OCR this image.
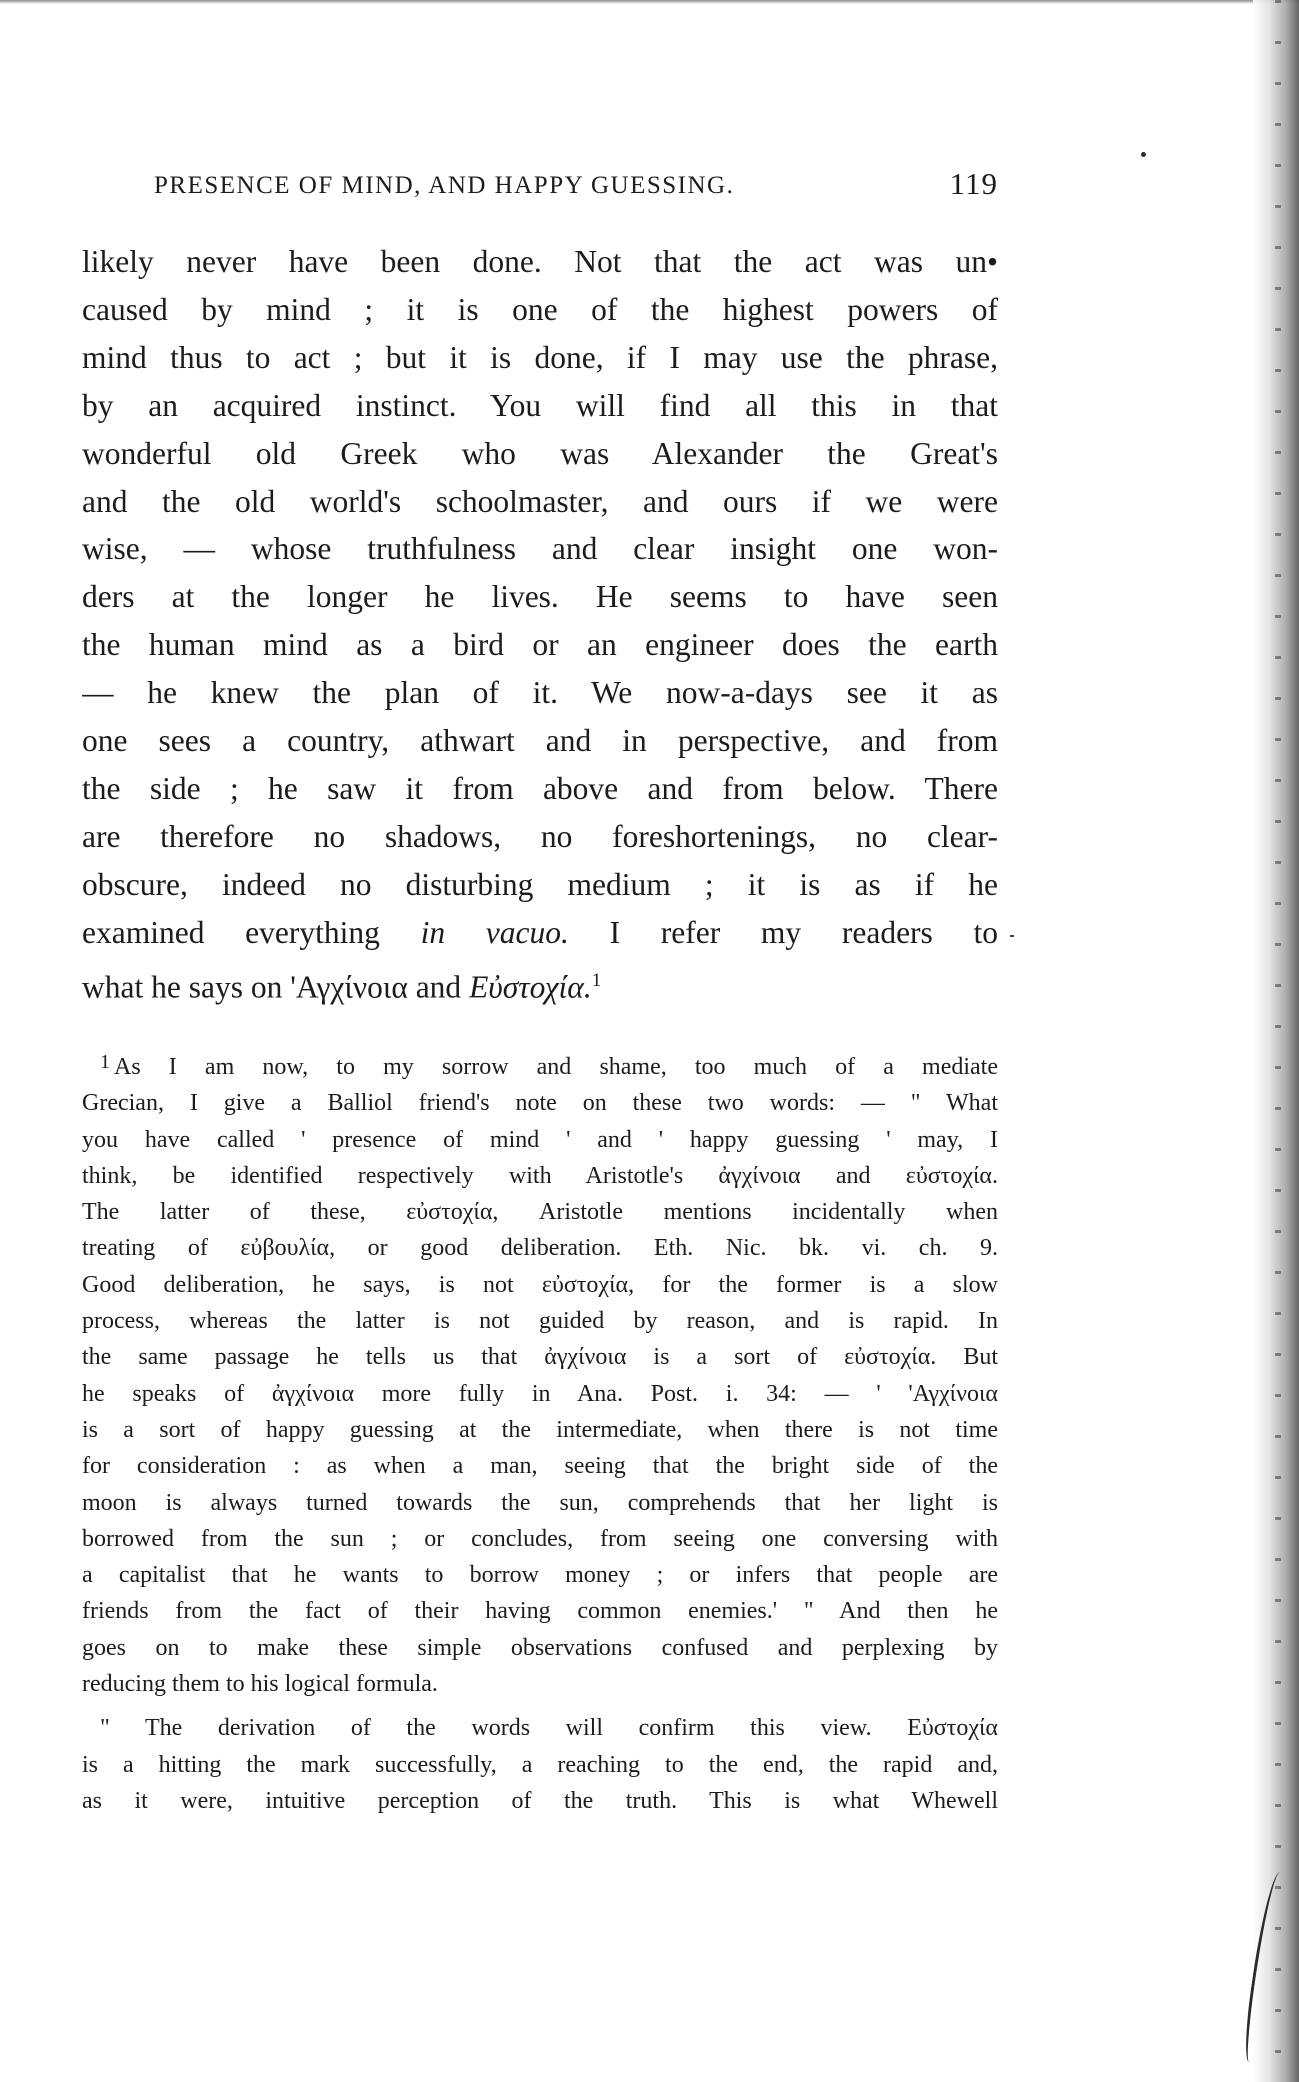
PRESENCE OF MIND, AND HAPPY GUESSING.	119
likely never have been done. Not that the act was un•
caused by mind ; it is one of the highest powers of
mind thus to act ; but it is done, if I may use the phrase,
by an acquired instinct. You will find all this in that
wonderful old Greek who was Alexander the Great's
and the old world's schoolmaster, and ours if we were
wise, — whose truthfulness and clear insight one won-
ders at the longer he lives. He seems to have seen
the human mind as a bird or an engineer does the earth
— he knew the plan of it. We now-a-days see it as
one sees a country, athwart and in perspective, and from
the side ; he saw it from above and from below. There
are therefore no shadows, no foreshortenings, no clear-
obscure, indeed no disturbing medium ; it is as if he
examined everything in vacuo. I refer my readers to
what he says on 'Αγχίνοια and Εὐστοχία.$^1$
$^1$ As I am now, to my sorrow and shame, too much of a mediate
Grecian, I give a Balliol friend's note on these two words: — " What
you have called ' presence of mind ' and ' happy guessing ' may, I
think, be identified respectively with Aristotle's ἀγχίνοια and εὐστοχία.
The latter of these, εὐστοχία, Aristotle mentions incidentally when
treating of εὐβουλία, or good deliberation. Eth. Nic. bk. vi. ch. 9.
Good deliberation, he says, is not εὐστοχία, for the former is a slow
process, whereas the latter is not guided by reason, and is rapid. In
the same passage he tells us that ἀγχίνοια is a sort of εὐστοχία. But
he speaks of ἀγχίνοια more fully in Ana. Post. i. 34: — ' 'Αγχίνοια
is a sort of happy guessing at the intermediate, when there is not time
for consideration : as when a man, seeing that the bright side of the
moon is always turned towards the sun, comprehends that her light is
borrowed from the sun ; or concludes, from seeing one conversing with
a capitalist that he wants to borrow money ; or infers that people are
friends from the fact of their having common enemies.' " And then he
goes on to make these simple observations confused and perplexing by
reducing them to his logical formula.
" The derivation of the words will confirm this view. Εὐστοχία
is a hitting the mark successfully, a reaching to the end, the rapid and,
as it were, intuitive perception of the truth. This is what Whewell
